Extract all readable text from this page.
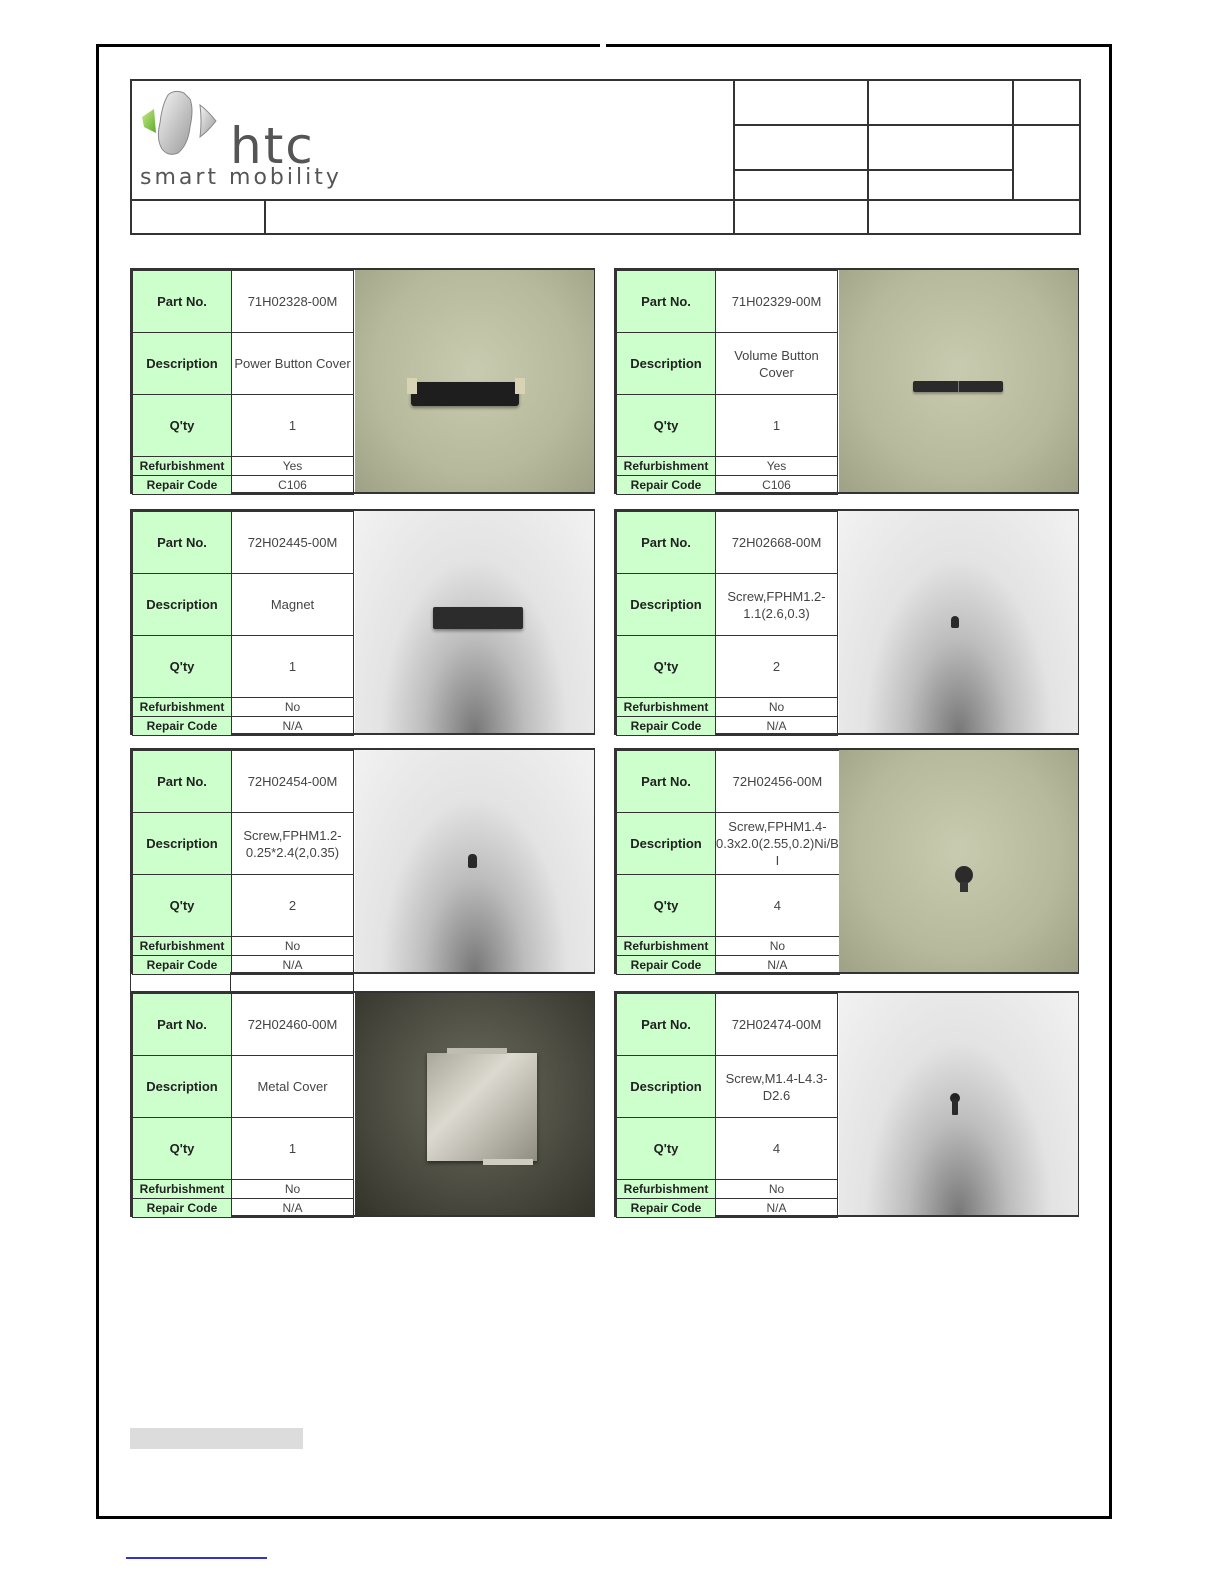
htc
smart mobility
Part No.	71H02328-00M
Description	Power Button Cover
Q'ty	1
Refurbishment	Yes
Repair Code	C106
Part No.	71H02329-00M
Description	Volume Button Cover
Q'ty	1
Refurbishment	Yes
Repair Code	C106
Part No.	72H02445-00M
Description	Magnet
Q'ty	1
Refurbishment	No
Repair Code	N/A
Part No.	72H02668-00M
Description	Screw,FPHM1.2-1.1(2.6,0.3)
Q'ty	2
Refurbishment	No
Repair Code	N/A
Part No.	72H02454-00M
Description	Screw,FPHM1.2-0.25*2.4(2,0.35)
Q'ty	2
Refurbishment	No
Repair Code	N/A
Part No.	72H02456-00M
Description	Screw,FPHM1.4-0.3x2.0(2.55,0.2)Ni/B I
Q'ty	4
Refurbishment	No
Repair Code	N/A
Part No.	72H02460-00M
Description	Metal Cover
Q'ty	1
Refurbishment	No
Repair Code	N/A
Part No.	72H02474-00M
Description	Screw,M1.4-L4.3-D2.6
Q'ty	4
Refurbishment	No
Repair Code	N/A
